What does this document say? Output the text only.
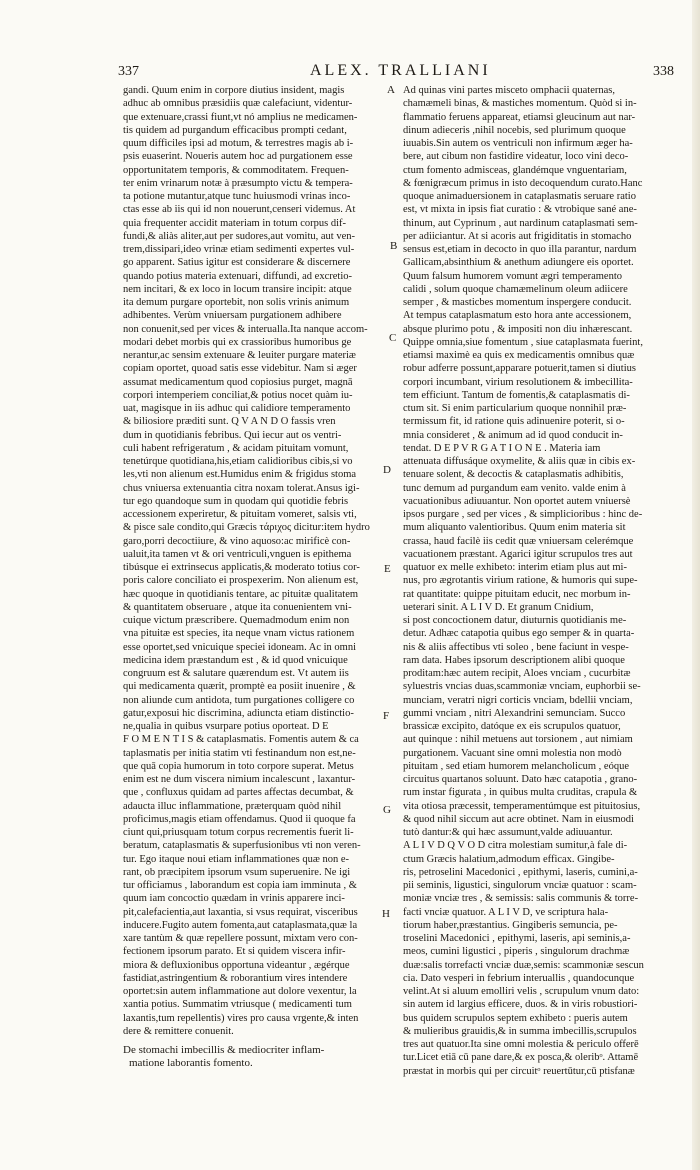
337	ALEX. TRALLIANI	338
gandi. Quum enim in corpore diutius insident, magis
adhuc ab omnibus præsidiis quæ calefaciunt, videntur-
que extenuare,crassi fiunt,vt nó amplius ne medicamen-
tis quidem ad purgandum efficacibus prompti cedant,
quum difficiles ipsi ad motum, & terrestres magis ab i-
psis euaserint. Noueris autem hoc ad purgationem esse
opportunitatem temporis, & commoditatem. Frequen-
ter enim vrinarum notæ à præsumpto victu & tempera-
ta potione mutantur,atque tunc huiusmodi vrinas inco-
ctas esse ab iis qui id non nouerunt,censeri videmus. At
quia frequenter accidit materiam in totum corpus dif-
fundi,& aliàs aliter,aut per sudores,aut vomitu, aut ven-
trem,dissipari,ideo vrinæ etiam sedimenti expertes vul-
go apparent. Satius igitur est considerare & discernere
quando potius materia extenuari, diffundi, ad excretio-
nem incitari, & ex loco in locum transire incipit: atque
ita demum purgare oportebit, non solis vrinis animum
adhibentes. Verùm vniuersam purgationem adhibere
non conuenit,sed per vices & interualla.Ita nanque accom-
modari debet morbis qui ex crassioribus humoribus ge
nerantur,ac sensim extenuare & leuiter purgare materiæ
copiam oportet, quoad satis esse videbitur. Nam si æger
assumat medicamentum quod copiosius purget, magnā
corpori intemperiem conciliat,& potius nocet quàm iu-
uat, magisque in iis adhuc qui calidiore temperamento
& biliosiore præditi sunt. Q V A N D O fassis vren
dum in quotidianis febribus. Qui iecur aut os ventri-
culi habent refrigeratum , & acidam pituitam vomunt,
tenetúrque quotidiana,his,etiam calidioribus cibis,si vo
les,vti non alienum est.Humidus enim & frigidus stoma
chus vniuersa extenuantia citra noxam tolerat.Ansus igi-
tur ego quandoque sum in quodam qui quotidie febris
accessionem experiretur, & pituitam vomeret, salsis vti,
& pisce sale condito,qui Græcis τάριχος dicitur:item hydro
garo,porri decoctiiure, & vino aquoso:ac mirificè con-
ualuit,ita tamen vt & ori ventriculi,vnguen is epithema
tibúsque ei extrinsecus applicatis,& moderato totius cor-
poris calore conciliato ei prospexerim. Non alienum est,
hæc quoque in quotidianis tentare, ac pituitæ qualitatem
& quantitatem obseruare , atque ita conuenientem vni-
cuique victum præscribere. Quemadmodum enim non
vna pituitæ est species, ita neque vnam victus rationem
esse oportet,sed vnicuique speciei idoneam. Ac in omni
medicina idem præstandum est , & id quod vnicuique
congruum est & salutare quærendum est. Vt autem iis
qui medicamenta quærit, promptè ea posiit inuenire , &
non aliunde cum antidota, tum purgationes colligere co
gatur,exposui hic discrimina, adiuncta etiam distinctio-
ne,qualia in quibus vsurpare potius oporteat. D E
F O M E N T I S & cataplasmatis. Fomentis autem & ca
taplasmatis per initia statim vti festinandum non est,ne-
que quā copia humorum in toto corpore superat. Metus
enim est ne dum viscera nimium incalescunt , laxantur-
que , confluxus quidam ad partes affectas decumbat, &
adaucta illuc inflammatione, præterquam quòd nihil
proficimus,magis etiam offendamus. Quod ii quoque fa
ciunt qui,priusquam totum corpus recrementis fuerit li-
beratum, cataplasmatis & superfusionibus vti non veren-
tur. Ego itaque noui etiam inflammationes quæ non e-
rant, ob præcipitem ipsorum vsum superuenire. Ne igi
tur officiamus , laborandum est copia iam imminuta , &
quum iam concoctio quædam in vrinis apparere inci-
pit,calefacientia,aut laxantia, si vsus requirat, visceribus
inducere.Fugito autem fomenta,aut cataplasmata,quæ la
xare tantùm & quæ repellere possunt, mixtam vero con-
fectionem ipsorum parato. Et si quidem viscera infir-
miora & defluxionibus opportuna videantur , ægérque
fastidiat,astringentium & roborantium vires intendere
oportet:sin autem inflammatione aut dolore vexentur, la
xantia potius. Summatim vtriusque ( medicamenti tum
laxantis,tum repellentis) vires pro causa vrgente,& inten
dere & remittere conuenit.
De stomachi imbecillis & mediocriter inflam-
matione laborantis fomento.
Ad quinas vini partes misceto omphacii quaternas,
chamæmeli binas, & mastiches momentum. Quòd si in-
flammatio feruens appareat, etiamsi gleucinum aut nar-
dinum adieceris ,nihil nocebis, sed plurimum quoque
iuuabis.Sin autem os ventriculi non infirmum æger ha-
bere, aut cibum non fastidire videatur, loco vini deco-
ctum fomento admisceas, glandémque vnguentariam,
& fœnigræcum primus in isto decoquendum curato.Hanc
quoque animaduersionem in cataplasmatis seruare ratio
est, vt mixta in ipsis fiat curatio : & vtrobique sané ane-
thinum, aut Cyprinum , aut nardinum cataplasmati sem-
per adiiciantur. At si acoris aut frigiditatis in stomacho
sensus est,etiam in decocto in quo illa parantur, nardum
Gallicam,absinthium & anethum adiungere eis oportet.
Quum falsum humorem vomunt ægri temperamento
calidi , solum quoque chamæmelinum oleum adiicere
semper , & masticbes momentum inspergere conducit.
At tempus cataplasmatum esto hora ante accessionem,
absque plurimo potu , & impositi non diu inhærescant.
Quippe omnia,siue fomentum , siue cataplasmata fuerint,
etiamsi maximè ea quis ex medicamentis omnibus quæ
robur adferre possunt,apparare potuerit,tamen si diutius
corpori incumbant, virium resolutionem & imbecillita-
tem efficiunt. Tantum de fomentis,& cataplasmatis di-
ctum sit. Si enim particularium quoque nonnihil præ-
termissum fit, id ratione quis adinuenire poterit, si o-
mnia consideret , & animum ad id quod conducit in-
tendat. D E P V R G A T I O N E . Materia iam
attenuata diffusáque oxymelite, & aliis quæ in cibis ex-
tenuare solent, & decoctis & cataplasmatis adhibitis,
tunc demum ad purgandum eam venito. valde enim à
vacuationibus adiuuantur. Non oportet autem vniuersè
ipsos purgare , sed per vices , & simplicioribus : hinc de-
mum aliquanto valentioribus. Quum enim materia sit
crassa, haud facilè iis cedit quæ vniuersam celerémque
vacuationem præstant. Agarici igitur scrupulos tres aut
quatuor ex melle exhibeto: interim etiam plus aut mi-
nus, pro ægrotantis virium ratione, & humoris qui supe-
rat quantitate: quippe pituitam educit, nec morbum in-
ueterari sinit. A L I V D. Et granum Cnidium,
si post concoctionem datur, diuturnis quotidianis me-
detur. Adhæc catapotia quibus ego semper & in quarta-
nis & aliis affectibus vti soleo , bene faciunt in vespe-
ram data. Habes ipsorum descriptionem alibi quoque
proditam:hæc autem recipit, Aloes vnciam , cucurbitæ
syluestris vncias duas,scammoniæ vnciam, euphorbii se-
munciam, veratri nigri corticis vnciam, bdellii vnciam,
gummi vnciam , nitri Alexandrini semunciam. Succo
brassicæ excipito, datóque ex eis scrupulos quatuor,
aut quinque : nihil metuens aut torsionem , aut nimiam
purgationem. Vacuant sine omni molestia non modò
pituitam , sed etiam humorem melancholicum , eóque
circuitus quartanos soluunt. Dato hæc catapotia , grano-
rum instar figurata , in quibus multa cruditas, crapula &
vita otiosa præcessit, temperamentúmque est pituitosius,
& quod nihil siccum aut acre obtinet. Nam in eiusmodi
tutò dantur:& qui hæc assumunt,valde adiuuantur.
A L I V D Q V O D citra molestiam sumitur,à fale di-
ctum Græcis halatium,admodum efficax. Gingibe-
ris, petroselini Macedonici , epithymi, laseris, cumini,a-
pii seminis, ligustici, singulorum vnciæ quatuor : scam-
moniæ vnciæ tres , & semissis: salis communis & torre-
facti vnciæ quatuor. A L I V D, ve scriptura hala-
tiorum haber,præstantius. Gingiberis semuncia, pe-
troselini Macedonici , epithymi, laseris, api seminis,a-
meos, cumini ligustici , piperis , singulorum drachmæ
duæ:salis torrefacti vnciæ duæ,semis: scammoniæ sescun
cia. Dato vesperi in febrium interuallis , quandocunque
velint.At si aluum emolliri velis , scrupulum vnum dato:
sin autem id largius efficere, duos. & in viris robustiori-
bus quidem scrupulos septem exhibeto : pueris autem
& mulieribus grauidis,& in summa imbecillis,scrupulos
tres aut quatuor.Ita sine omni molestia & periculo offerē
tur.Licet etiā cū pane dare,& ex posca,& oleribᵒ. Attamē
præstat in morbis qui per circuitᵒ reuertūtur,cū ptisfanæ
A
B
C
D
E
F
G
H
